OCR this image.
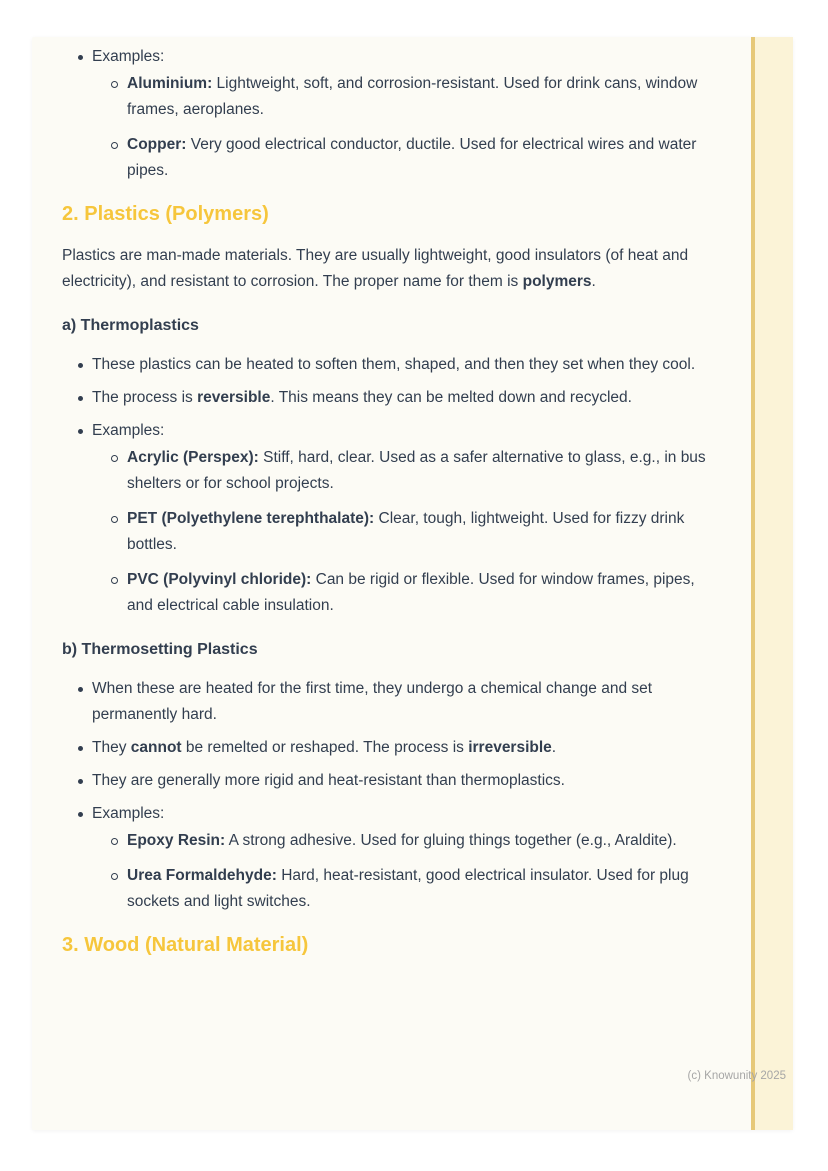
Examples:
Aluminium: Lightweight, soft, and corrosion-resistant. Used for drink cans, window frames, aeroplanes.
Copper: Very good electrical conductor, ductile. Used for electrical wires and water pipes.
2. Plastics (Polymers)
Plastics are man-made materials. They are usually lightweight, good insulators (of heat and electricity), and resistant to corrosion. The proper name for them is polymers.
a) Thermoplastics
These plastics can be heated to soften them, shaped, and then they set when they cool.
The process is reversible. This means they can be melted down and recycled.
Examples:
Acrylic (Perspex): Stiff, hard, clear. Used as a safer alternative to glass, e.g., in bus shelters or for school projects.
PET (Polyethylene terephthalate): Clear, tough, lightweight. Used for fizzy drink bottles.
PVC (Polyvinyl chloride): Can be rigid or flexible. Used for window frames, pipes, and electrical cable insulation.
b) Thermosetting Plastics
When these are heated for the first time, they undergo a chemical change and set permanently hard.
They cannot be remelted or reshaped. The process is irreversible.
They are generally more rigid and heat-resistant than thermoplastics.
Examples:
Epoxy Resin: A strong adhesive. Used for gluing things together (e.g., Araldite).
Urea Formaldehyde: Hard, heat-resistant, good electrical insulator. Used for plug sockets and light switches.
3. Wood (Natural Material)
(c) Knowunity 2025
